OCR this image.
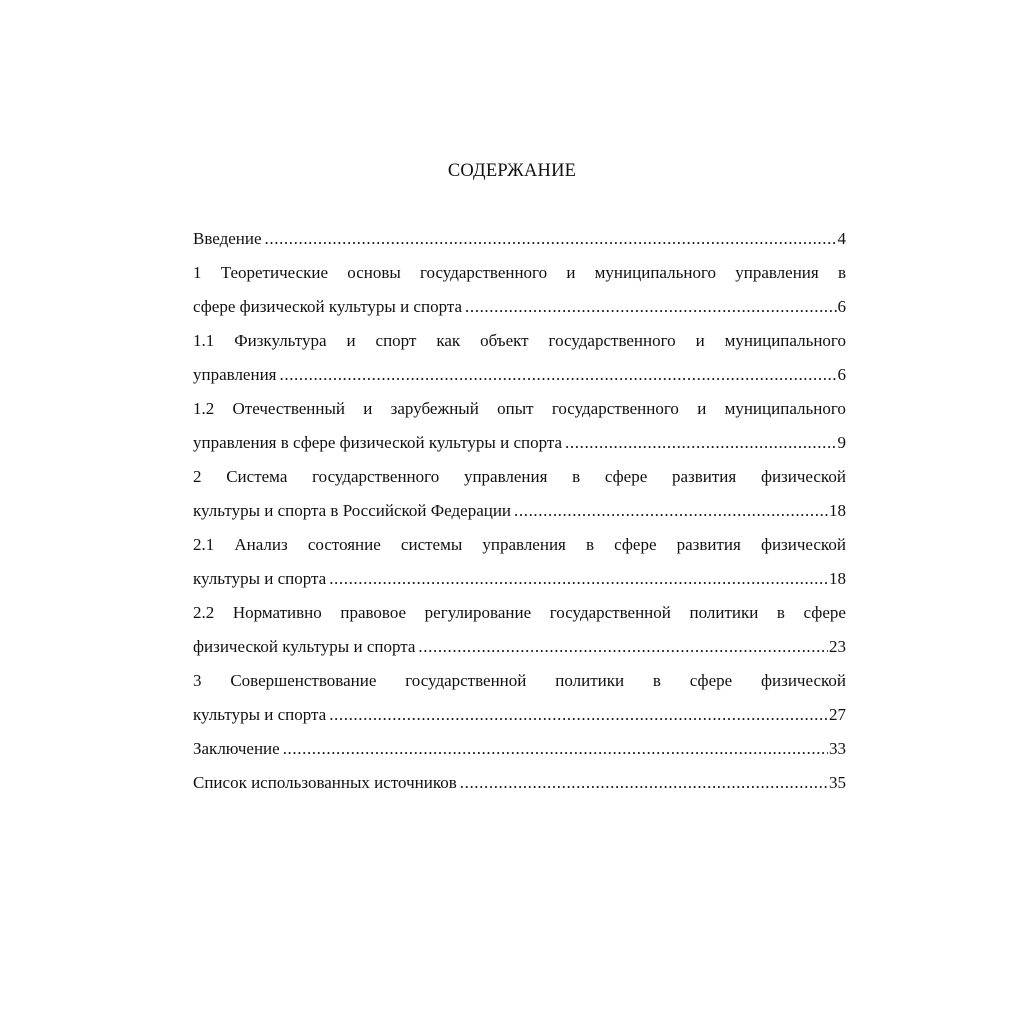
СОДЕРЖАНИЕ
Введение .....	4
1 Теоретические основы государственного и муниципального управления в
сфере физической культуры и спорта .....	6
1.1 Физкультура и спорт как объект государственного и муниципального
управления .....	6
1.2 Отечественный и зарубежный опыт государственного и муниципального
управления в сфере физической культуры и спорта .....	9
2 Система государственного управления в сфере развития физической
культуры и спорта в Российской Федерации .....	18
2.1 Анализ состояние системы управления в сфере развития физической
культуры и спорта .....	18
2.2 Нормативно правовое регулирование государственной политики в сфере
физической культуры и спорта .....	23
3 Совершенствование государственной политики в сфере физической
культуры и спорта .....	27
Заключение .....	33
Список использованных источников .....	35
